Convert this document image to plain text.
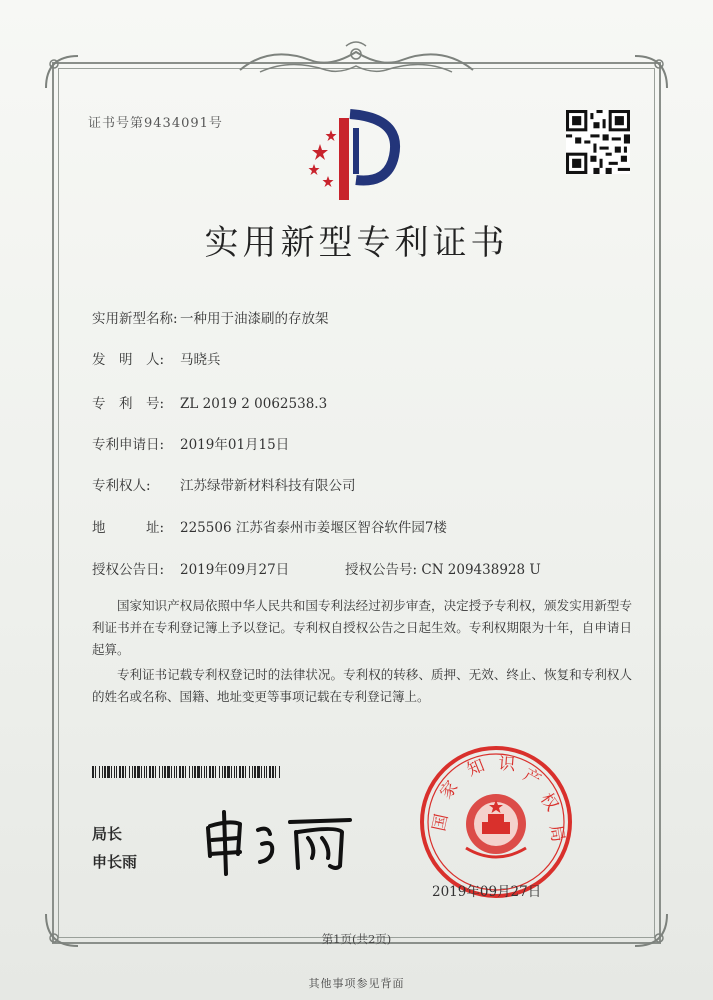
证书号第9434091号
实用新型专利证书
实用新型名称: 一种用于油漆刷的存放架
发　明　人: 马晓兵
专　利　号: ZL 2019 2 0062538.3
专利申请日: 2019年01月15日
专利权人: 江苏绿带新材料科技有限公司
地　　　址: 225506 江苏省泰州市姜堰区智谷软件园7楼
授权公告日: 2019年09月27日	授权公告号: CN 209438928 U
国家知识产权局依照中华人民共和国专利法经过初步审查，决定授予专利权，颁发实用新型专利证书并在专利登记簿上予以登记。专利权自授权公告之日起生效。专利权期限为十年，自申请日起算。
专利证书记载专利权登记时的法律状况。专利权的转移、质押、无效、终止、恢复和专利权人的姓名或名称、国籍、地址变更等事项记载在专利登记簿上。
局长
申长雨
国
家
知 识
产
权
局
2019年09月27日
第1页(共2页)
其他事项参见背面
